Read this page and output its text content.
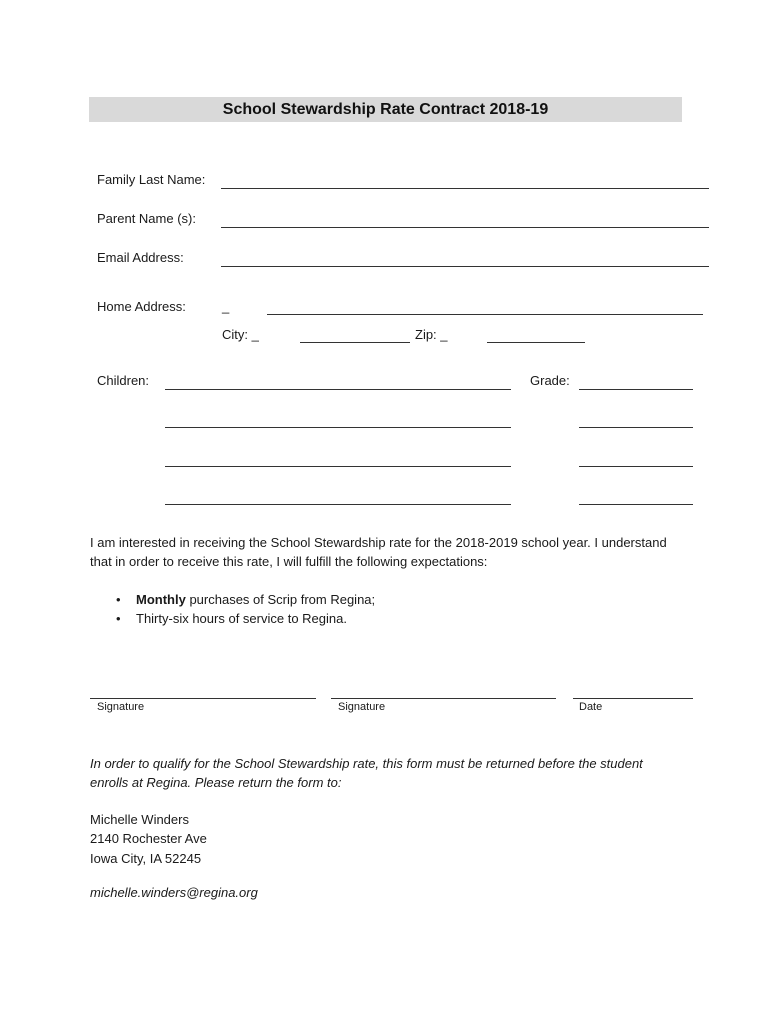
School Stewardship Rate Contract 2018-19
Family Last Name:
Parent Name (s):
Email Address:
Home Address:	_
City: _	Zip: _
Children:	Grade:
I am interested in receiving the School Stewardship rate for the 2018-2019 school year. I understand that in order to receive this rate, I will fulfill the following expectations:
• Monthly purchases of Scrip from Regina;
• Thirty-six hours of service to Regina.
Signature	Signature	Date
In order to qualify for the School Stewardship rate, this form must be returned before the student enrolls at Regina. Please return the form to:
Michelle Winders
2140 Rochester Ave
Iowa City, IA 52245
michelle.winders@regina.org
